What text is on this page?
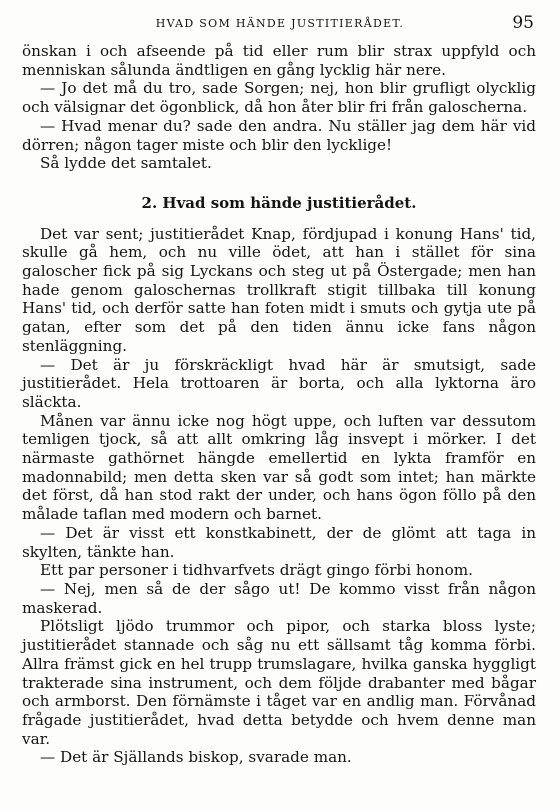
HVAD SOM HÄNDE JUSTITIERÅDET.	95

önskan i och afseende på tid eller rum blir strax uppfyld och menniskan sålunda ändtligen en gång lycklig här nere.

— Jo det må du tro, sade Sorgen; nej, hon blir grufligt olycklig och välsignar det ögonblick, då hon åter blir fri från galoscherna.

— Hvad menar du? sade den andra. Nu ställer jag dem här vid dörren; någon tager miste och blir den lycklige!

Så lydde det samtalet.

2. Hvad som hände justitierådet.

Det var sent; justitierådet Knap, fördjupad i konung Hans' tid, skulle gå hem, och nu ville ödet, att han i stället för sina galoscher fick på sig Lyckans och steg ut på Östergade; men han hade genom galoschernas trollkraft stigit tillbaka till konung Hans' tid, och derför satte han foten midt i smuts och gytja ute på gatan, efter som det på den tiden ännu icke fans någon stenläggning.

— Det är ju förskräckligt hvad här är smutsigt, sade justitierådet. Hela trottoaren är borta, och alla lyktorna äro släckta.

Månen var ännu icke nog högt uppe, och luften var dessutom temligen tjock, så att allt omkring låg insvept i mörker. I det närmaste gathörnet hängde emellertid en lykta framför en madonnabild; men detta sken var så godt som intet; han märkte det först, då han stod rakt der under, och hans ögon föllo på den målade taflan med modern och barnet.

— Det är visst ett konstkabinett, der de glömt att taga in skylten, tänkte han.

Ett par personer i tidhvarfvets drägt gingo förbi honom.

— Nej, men så de der sågo ut! De kommo visst från någon maskerad.

Plötsligt ljödo trummor och pipor, och starka bloss lyste; justitierådet stannade och såg nu ett sällsamt tåg komma förbi. Allra främst gick en hel trupp trumslagare, hvilka ganska hyggligt trakterade sina instrument, och dem följde drabanter med bågar och armborst. Den förnämste i tåget var en andlig man. Förvånad frågade justitierådet, hvad detta betydde och hvem denne man var.

— Det är Själlands biskop, svarade man.
